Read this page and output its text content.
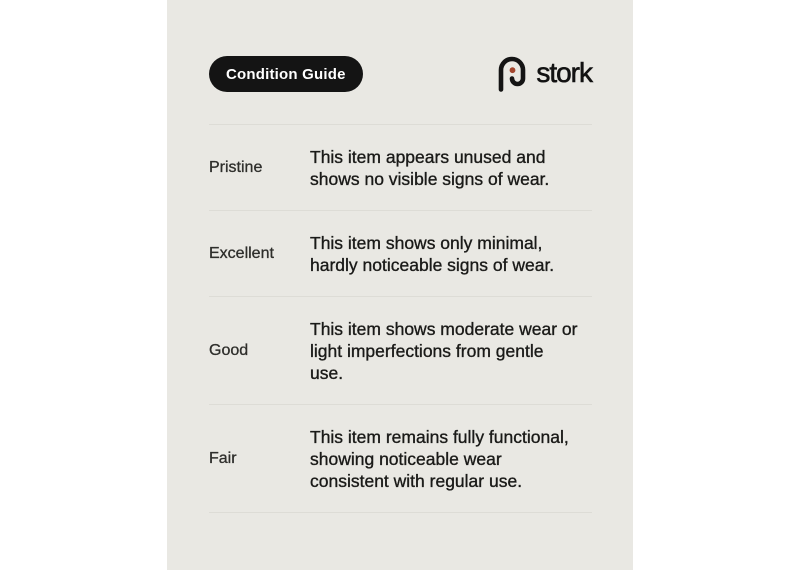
Condition Guide	stork
Pristine

This item appears unused and shows no visible signs of wear.

Excellent

This item shows only minimal, hardly noticeable signs of wear.

Good

This item shows moderate wear or light imperfections from gentle use.

Fair

This item remains fully functional, showing noticeable wear consistent with regular use.
